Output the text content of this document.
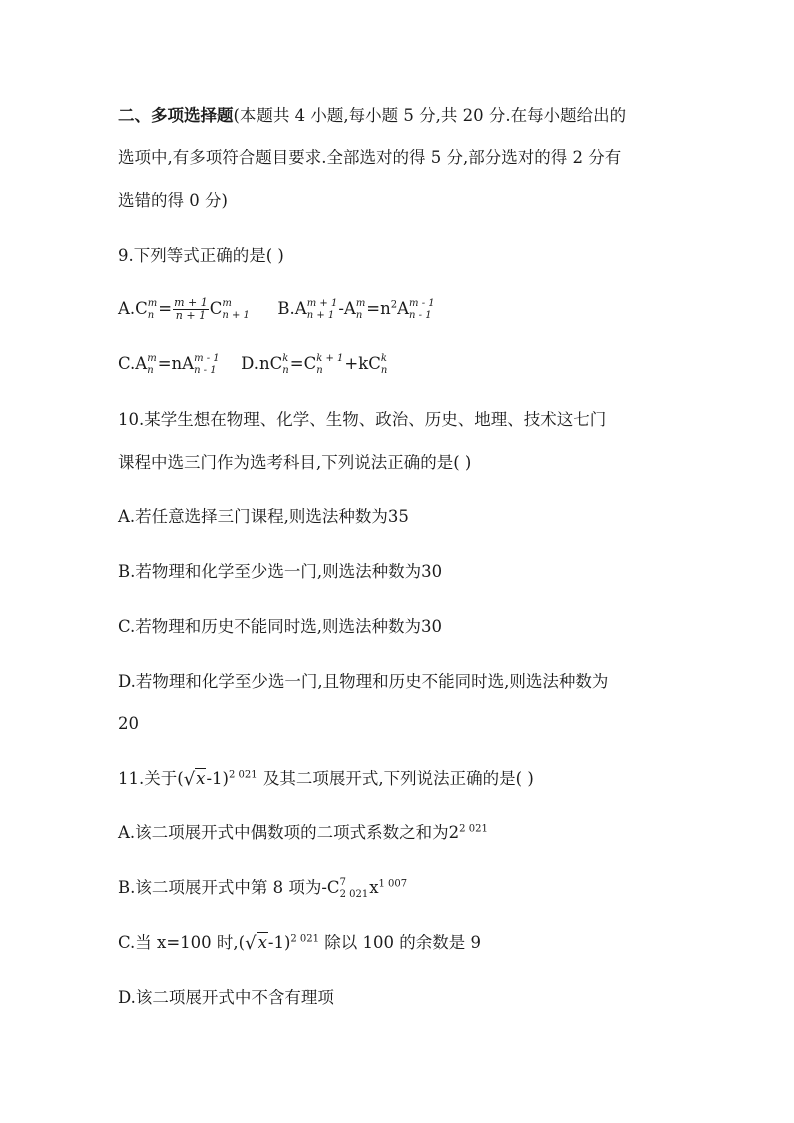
二、多项选择题(本题共 4 小题,每小题 5 分,共 20 分.在每小题给出的
选项中,有多项符合题目要求.全部选对的得 5 分,部分选对的得 2 分有
选错的得 0 分)
9.下列等式正确的是( )
A.C m
$n = \frac{m + 1}{n + 1}$ C m
n + 1 B.A m + 1
n + 1 -A m
$n =n^2A$ m - 1
n - 1
C.A m
n =nA m - 1
n - 1 D.nC k
n =C k + 1
n	+kC k
n
10.某学生想在物理、化学、生物、政治、历史、地理、技术这七门
课程中选三门作为选考科目,下列说法正确的是( )
A.若任意选择三门课程,则选法种数为35
B.若物理和化学至少选一门,则选法种数为30
C.若物理和历史不能同时选,则选法种数为30
D.若物理和化学至少选一门,且物理和历史不能同时选,则选法种数为
20
11.关于$(√x-1)^{2 021}$ 及其二项展开式,下列说法正确的是( )
A.该二项展开式中偶数项的二项式系数之和为$2^{2 021}$
B.该二项展开式中第 8 项为-C 7
2 021 $x^{1 007}$
C.当 x=100 时$,(√x-1)^{2 021}$ 除以 100 的余数是 9
D.该二项展开式中不含有理项
